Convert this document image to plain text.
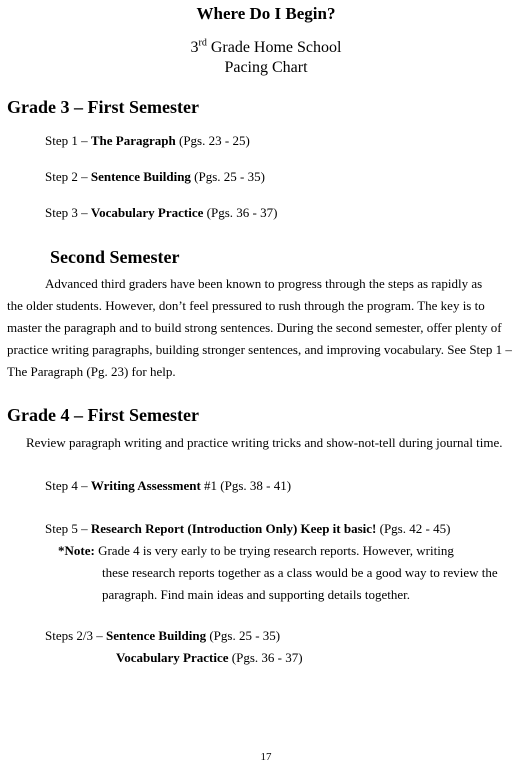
Where Do I Begin?
3rd Grade Home School
Pacing Chart
Grade 3 – First Semester
Step 1 – The Paragraph (Pgs. 23 - 25)
Step 2 – Sentence Building (Pgs. 25 - 35)
Step 3 – Vocabulary Practice (Pgs. 36 - 37)
Second Semester
Advanced third graders have been known to progress through the steps as rapidly as
the older students. However, don’t feel pressured to rush through the program. The key is to master the paragraph and to build strong sentences. During the second semester, offer plenty of practice writing paragraphs, building stronger sentences, and improving vocabulary. See Step 1 – The Paragraph (Pg. 23) for help.
Grade 4 – First Semester
Review paragraph writing and practice writing tricks and show-not-tell during journal time.
Step 4 – Writing Assessment #1 (Pgs. 38 - 41)
Step 5 – Research Report (Introduction Only) Keep it basic! (Pgs. 42 - 45)
*Note: Grade 4 is very early to be trying research reports. However, writing
these research reports together as a class would be a good way to review the paragraph. Find main ideas and supporting details together.
Steps 2/3 – Sentence Building (Pgs. 25 - 35)
Vocabulary Practice (Pgs. 36 - 37)
17
